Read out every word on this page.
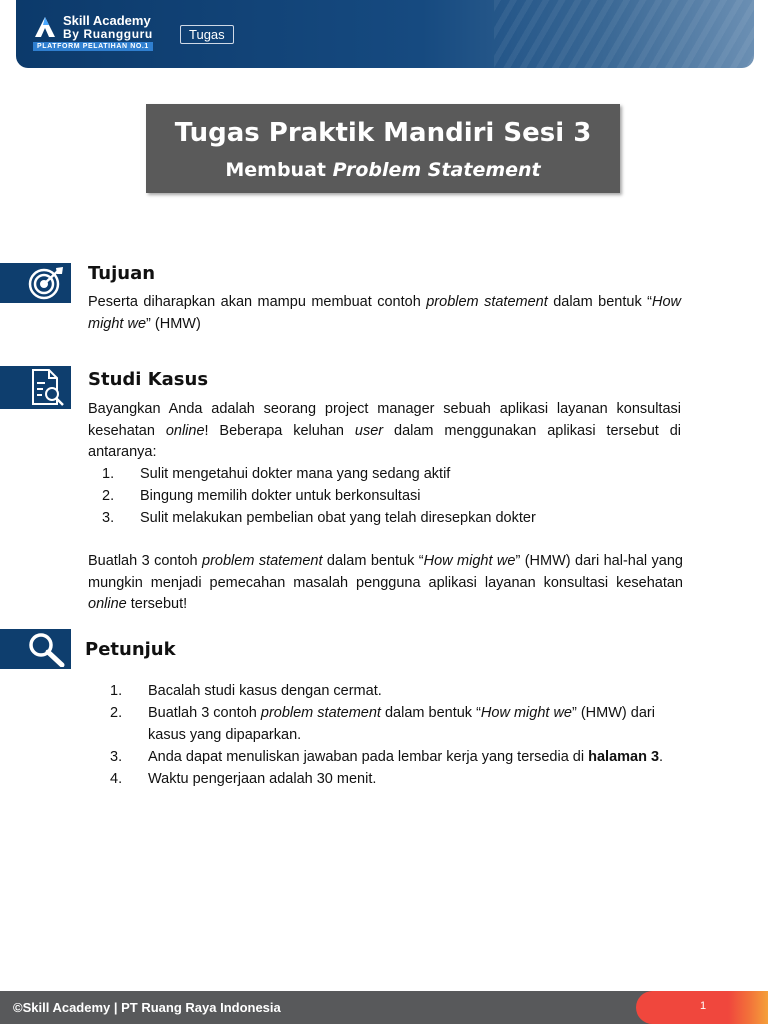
Skill Academy
By Ruangguru
PLATFORM PELATIHAN NO.1
Tugas
Tugas Praktik Mandiri Sesi 3
Membuat Problem Statement
Tujuan
Peserta diharapkan akan mampu membuat contoh problem statement dalam bentuk “How might we” (HMW)
Studi Kasus
Bayangkan Anda adalah seorang project manager sebuah aplikasi layanan konsultasi kesehatan online! Beberapa keluhan user dalam menggunakan aplikasi tersebut di antaranya:
1. Sulit mengetahui dokter mana yang sedang aktif
2. Bingung memilih dokter untuk berkonsultasi
3. Sulit melakukan pembelian obat yang telah diresepkan dokter
Buatlah 3 contoh problem statement dalam bentuk “How might we” (HMW) dari hal-hal yang mungkin menjadi pemecahan masalah pengguna aplikasi layanan konsultasi kesehatan online tersebut!
Petunjuk
1. Bacalah studi kasus dengan cermat.
2. Buatlah 3 contoh problem statement dalam bentuk “How might we” (HMW) dari kasus yang dipaparkan.
3. Anda dapat menuliskan jawaban pada lembar kerja yang tersedia di halaman 3.
4. Waktu pengerjaan adalah 30 menit.
©Skill Academy | PT Ruang Raya Indonesia	1
